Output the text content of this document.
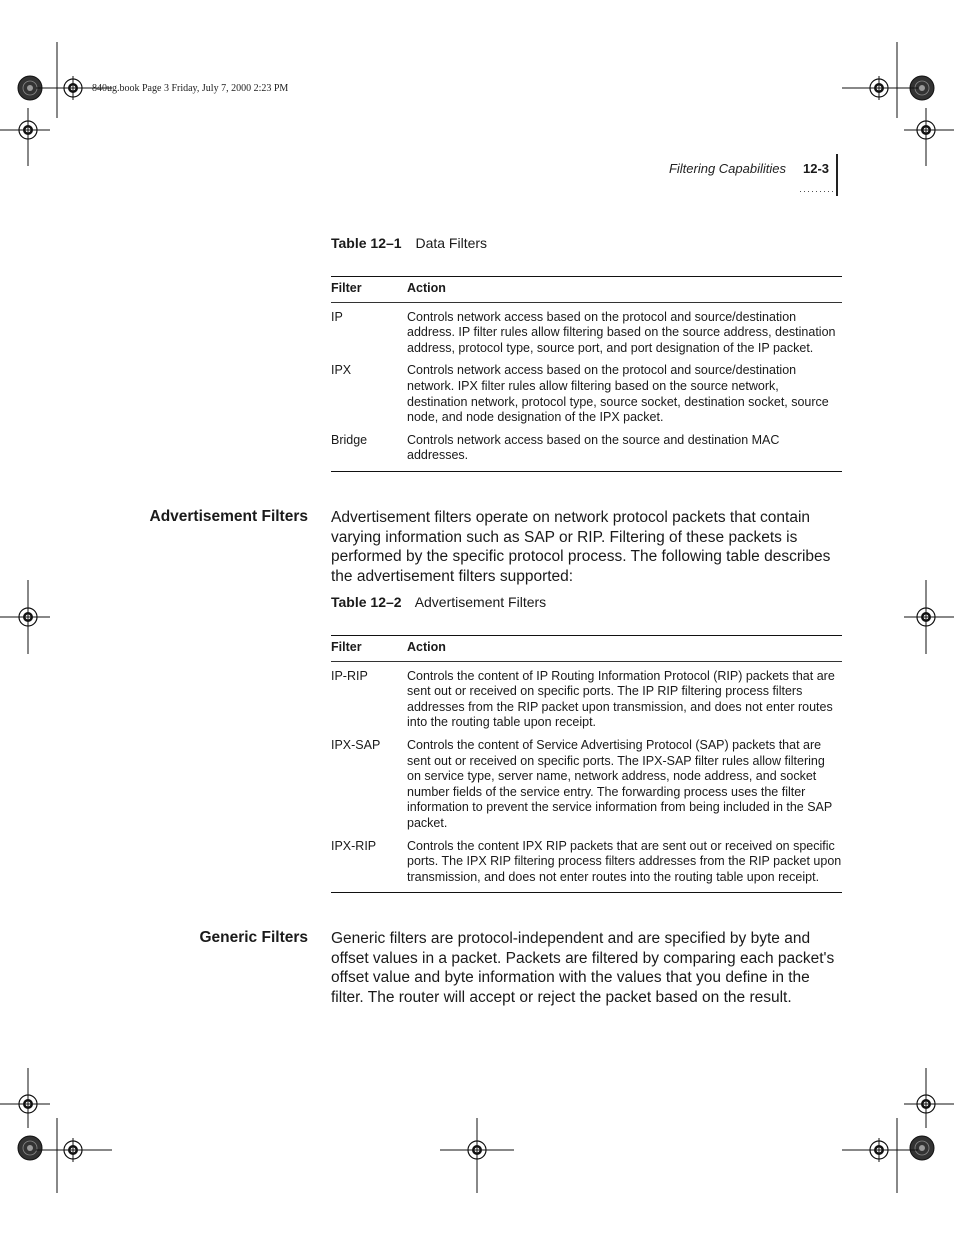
840ug.book Page 3 Friday, July 7, 2000 2:23 PM
Filtering Capabilities 12-3
·········
Table 12–1 Data Filters
Filter	Action
IP	Controls network access based on the protocol and source/destination address. IP filter rules allow filtering based on the source address, destination address, protocol type, source port, and port designation of the IP packet.
IPX	Controls network access based on the protocol and source/destination network. IPX filter rules allow filtering based on the source network, destination network, protocol type, source socket, destination socket, source node, and node designation of the IPX packet.
Bridge	Controls network access based on the source and destination MAC addresses.
Advertisement Filters Advertisement filters operate on network protocol packets that contain varying information such as SAP or RIP. Filtering of these packets is performed by the specific protocol process. The following table describes the advertisement filters supported:
Table 12–2 Advertisement Filters
Filter	Action
IP-RIP	Controls the content of IP Routing Information Protocol (RIP) packets that are sent out or received on specific ports. The IP RIP filtering process filters addresses from the RIP packet upon transmission, and does not enter routes into the routing table upon receipt.
IPX-SAP	Controls the content of Service Advertising Protocol (SAP) packets that are sent out or received on specific ports. The IPX-SAP filter rules allow filtering on service type, server name, network address, node address, and socket number fields of the service entry. The forwarding process uses the filter information to prevent the service information from being included in the SAP packet.
IPX-RIP	Controls the content IPX RIP packets that are sent out or received on specific ports. The IPX RIP filtering process filters addresses from the RIP packet upon transmission, and does not enter routes into the routing table upon receipt.
Generic Filters Generic filters are protocol-independent and are specified by byte and offset values in a packet. Packets are filtered by comparing each packet's offset value and byte information with the values that you define in the filter. The router will accept or reject the packet based on the result.
